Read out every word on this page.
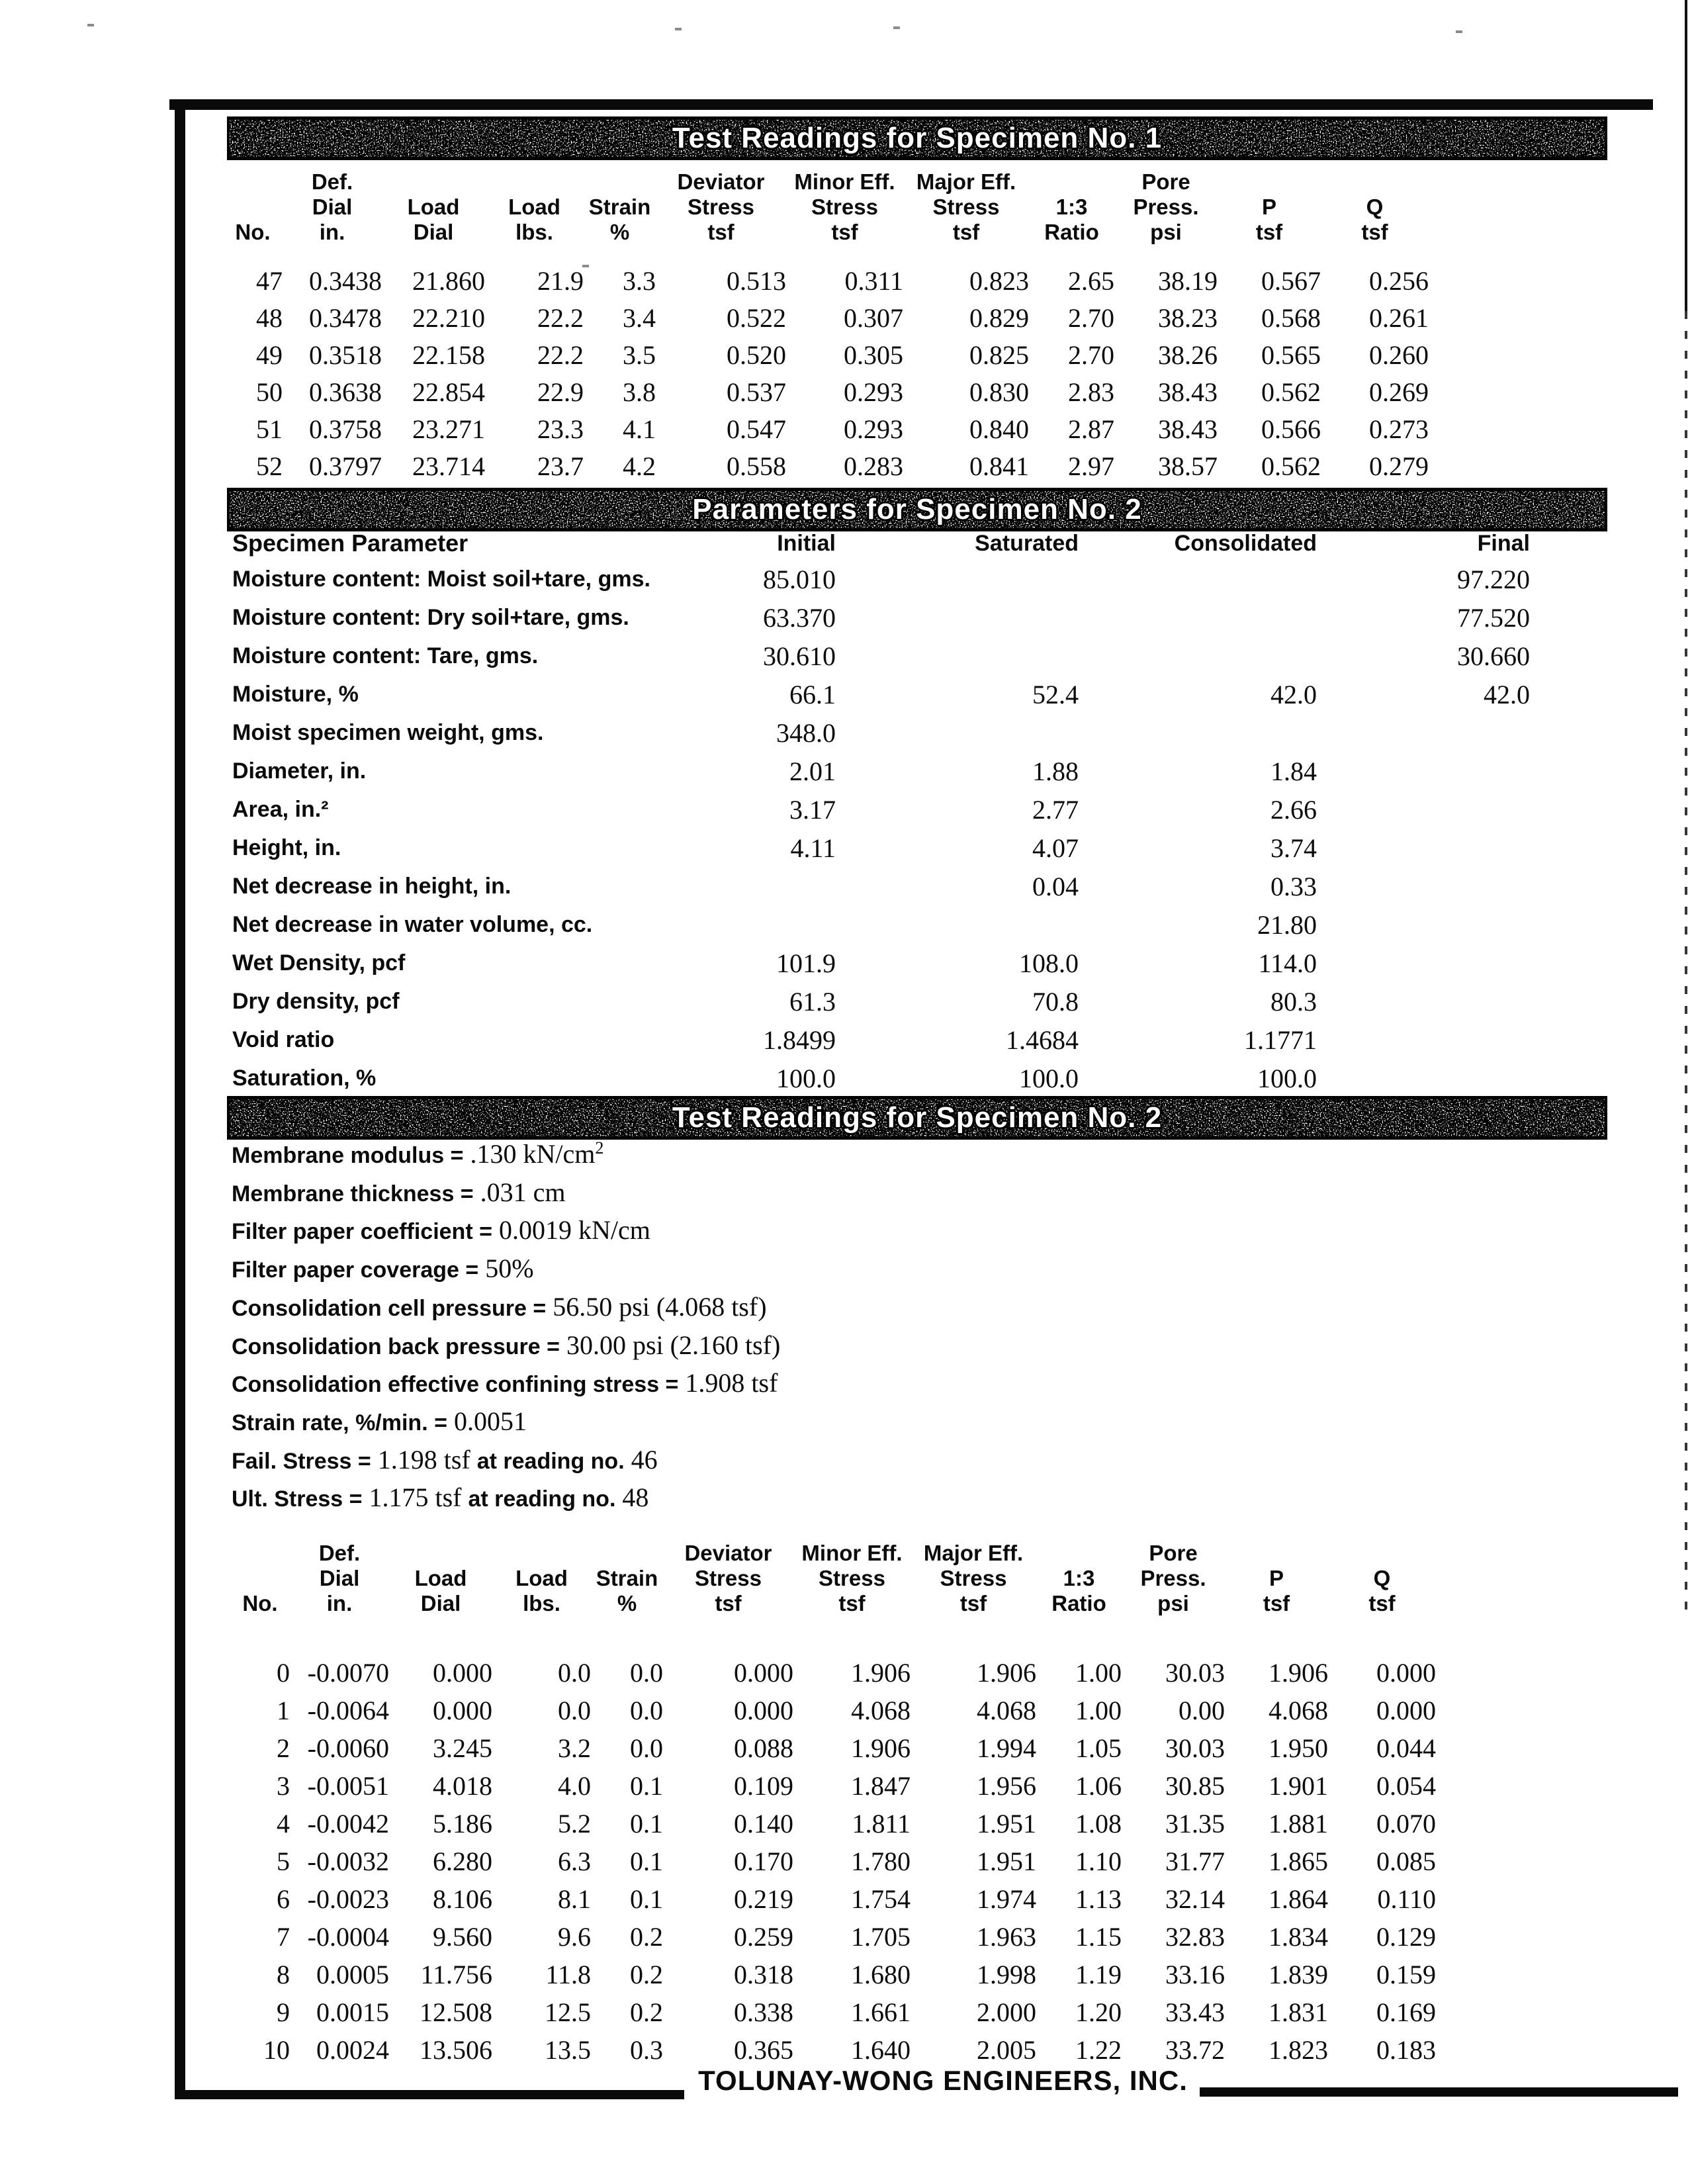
Test Readings for Specimen No. 1
	Def.				Deviator	Minor Eff.	Major Eff.		Pore		
	Dial	Load	Load	Strain	Stress	Stress	Stress	1:3	Press.	P	Q
No.	in.	Dial	lbs.	%	tsf	tsf	tsf	Ratio	psi	tsf	tsf

47	0.3438	21.860	21.9	3.3	0.513	0.311	0.823	2.65	38.19	0.567	0.256
48	0.3478	22.210	22.2	3.4	0.522	0.307	0.829	2.70	38.23	0.568	0.261
49	0.3518	22.158	22.2	3.5	0.520	0.305	0.825	2.70	38.26	0.565	0.260
50	0.3638	22.854	22.9	3.8	0.537	0.293	0.830	2.83	38.43	0.562	0.269
51	0.3758	23.271	23.3	4.1	0.547	0.293	0.840	2.87	38.43	0.566	0.273
52	0.3797	23.714	23.7	4.2	0.558	0.283	0.841	2.97	38.57	0.562	0.279
Parameters for Specimen No. 2
Specimen Parameter	Initial	Saturated	Consolidated	Final
Moisture content: Moist soil+tare, gms.	85.010			97.220
Moisture content: Dry soil+tare, gms.	63.370			77.520
Moisture content: Tare, gms.	30.610			30.660
Moisture, %	66.1	52.4	42.0	42.0
Moist specimen weight, gms.	348.0			
Diameter, in.	2.01	1.88	1.84	
Area, in.²	3.17	2.77	2.66	
Height, in.	4.11	4.07	3.74	
Net decrease in height, in.		0.04	0.33	
Net decrease in water volume, cc.			21.80	
Wet Density, pcf	101.9	108.0	114.0	
Dry density, pcf	61.3	70.8	80.3	
Void ratio	1.8499	1.4684	1.1771	
Saturation, %	100.0	100.0	100.0	
Test Readings for Specimen No. 2
Membrane modulus = .130 kN/cm2
Membrane thickness = .031 cm
Filter paper coefficient = 0.0019 kN/cm
Filter paper coverage = 50%
Consolidation cell pressure = 56.50 psi (4.068 tsf)
Consolidation back pressure = 30.00 psi (2.160 tsf)
Consolidation effective confining stress = 1.908 tsf
Strain rate, %/min. = 0.0051
Fail. Stress = 1.198 tsf at reading no. 46
Ult. Stress = 1.175 tsf at reading no. 48
	Def.				Deviator	Minor Eff.	Major Eff.		Pore		
	Dial	Load	Load	Strain	Stress	Stress	Stress	1:3	Press.	P	Q
No.	in.	Dial	lbs.	%	tsf	tsf	tsf	Ratio	psi	tsf	tsf

0	-0.0070	0.000	0.0	0.0	0.000	1.906	1.906	1.00	30.03	1.906	0.000
1	-0.0064	0.000	0.0	0.0	0.000	4.068	4.068	1.00	0.00	4.068	0.000
2	-0.0060	3.245	3.2	0.0	0.088	1.906	1.994	1.05	30.03	1.950	0.044
3	-0.0051	4.018	4.0	0.1	0.109	1.847	1.956	1.06	30.85	1.901	0.054
4	-0.0042	5.186	5.2	0.1	0.140	1.811	1.951	1.08	31.35	1.881	0.070
5	-0.0032	6.280	6.3	0.1	0.170	1.780	1.951	1.10	31.77	1.865	0.085
6	-0.0023	8.106	8.1	0.1	0.219	1.754	1.974	1.13	32.14	1.864	0.110
7	-0.0004	9.560	9.6	0.2	0.259	1.705	1.963	1.15	32.83	1.834	0.129
8	0.0005	11.756	11.8	0.2	0.318	1.680	1.998	1.19	33.16	1.839	0.159
9	0.0015	12.508	12.5	0.2	0.338	1.661	2.000	1.20	33.43	1.831	0.169
10	0.0024	13.506	13.5	0.3	0.365	1.640	2.005	1.22	33.72	1.823	0.183
TOLUNAY-WONG ENGINEERS, INC.
